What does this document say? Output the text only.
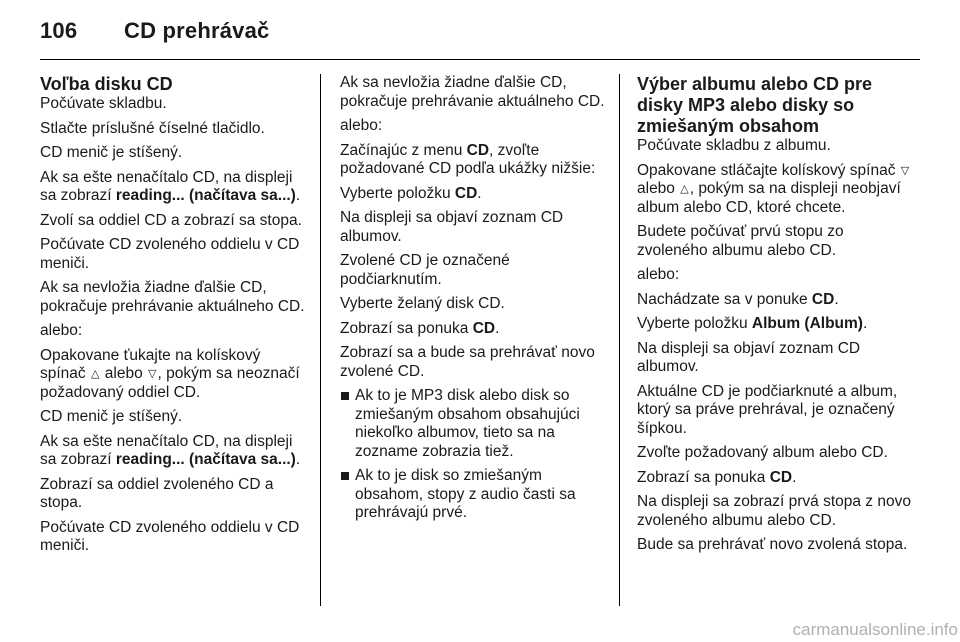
106 CD prehrávač
Voľba disku CD

Počúvate skladbu.

Stlačte príslušné číselné tlačidlo.

CD menič je stíšený.

Ak sa ešte nenačítalo CD, na displeji sa zobrazí reading... (načítava sa...).

Zvolí sa oddiel CD a zobrazí sa stopa.

Počúvate CD zvoleného oddielu v CD meniči.

Ak sa nevložia žiadne ďalšie CD, pokračuje prehrávanie aktuálneho CD.

alebo:

Opakovane ťukajte na kolískový spínač △ alebo ▽, pokým sa neoznačí požadovaný oddiel CD.

CD menič je stíšený.

Ak sa ešte nenačítalo CD, na displeji sa zobrazí reading... (načítava sa...).

Zobrazí sa oddiel zvoleného CD a stopa.

Počúvate CD zvoleného oddielu v CD meniči.

Ak sa nevložia žiadne ďalšie CD, pokračuje prehrávanie aktuálneho CD.

alebo:

Začínajúc z menu CD, zvoľte požadované CD podľa ukážky nižšie:

Vyberte položku CD.

Na displeji sa objaví zoznam CD albumov.

Zvolené CD je označené podčiarknutím.

Vyberte želaný disk CD.

Zobrazí sa ponuka CD.

Zobrazí sa a bude sa prehrávať novo zvolené CD.

Ak to je MP3 disk alebo disk so zmiešaným obsahom obsahujúci niekoľko albumov, tieto sa na zozname zobrazia tiež.
Ak to je disk so zmiešaným obsahom, stopy z audio časti sa prehrávajú prvé.
Výber albumu alebo CD pre disky MP3 alebo disky so zmiešaným obsahom

Počúvate skladbu z albumu.

Opakovane stláčajte kolískový spínač ▽ alebo △, pokým sa na displeji neobjaví album alebo CD, ktoré chcete.

Budete počúvať prvú stopu zo zvoleného albumu alebo CD.

alebo:

Nachádzate sa v ponuke CD.

Vyberte položku Album (Album).

Na displeji sa objaví zoznam CD albumov.

Aktuálne CD je podčiarknuté a album, ktorý sa práve prehrával, je označený šípkou.

Zvoľte požadovaný album alebo CD.

Zobrazí sa ponuka CD.

Na displeji sa zobrazí prvá stopa z novo zvoleného albumu alebo CD.

Bude sa prehrávať novo zvolená stopa.

carmanualsonline.info
